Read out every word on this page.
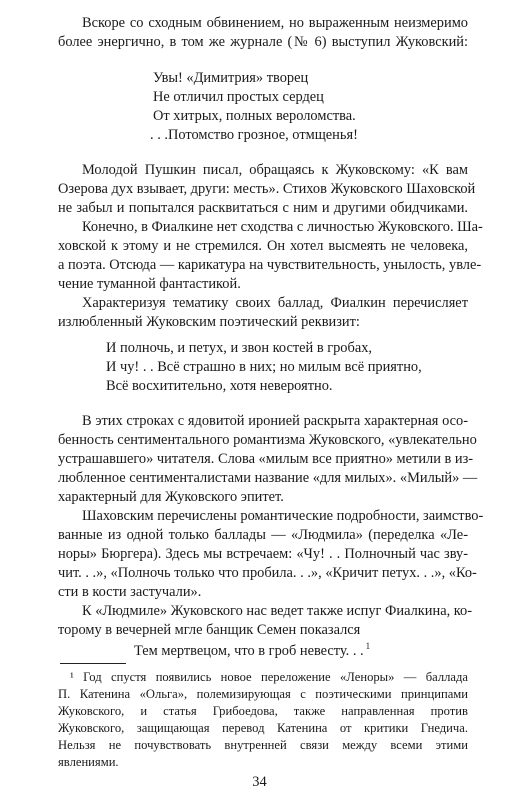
Вскоре со сходным обвинением, но выраженным неизмеримо
более энергично, в том же журнале (№ 6) выступил Жуковский:
Увы! «Димитрия» творец
Не отличил простых сердец
От хитрых, полных вероломства.
. . .Потомство грозное, отмщенья!
Молодой Пушкин писал, обращаясь к Жуковскому: «К вам
Озерова дух взывает, други: месть». Стихов Жуковского Шаховской
не забыл и попытался расквитаться с ним и другими обидчиками.
Конечно, в Фиалкине нет сходства с личностью Жуковского. Ша-
ховской к этому и не стремился. Он хотел высмеять не человека,
а поэта. Отсюда — карикатура на чувствительность, унылость, увле-
чение туманной фантастикой.
Характеризуя тематику своих баллад, Фиалкин перечисляет
излюбленный Жуковским поэтический реквизит:
И полночь, и петух, и звон костей в гробах,
И чу! . . Всё страшно в них; но милым всё приятно,
Всё восхитительно, хотя невероятно.
В этих строках с ядовитой иронией раскрыта характерная осо-
бенность сентиментального романтизма Жуковского, «увлекательно
устрашавшего» читателя. Слова «милым все приятно» метили в из-
любленное сентименталистами название «для милых». «Милый» —
характерный для Жуковского эпитет.
Шаховским перечислены романтические подробности, заимство-
ванные из одной только баллады — «Людмила» (переделка «Ле-
норы» Бюргера). Здесь мы встречаем: «Чу! . . Полночный час зву-
чит. . .», «Полночь только что пробила. . .», «Кричит петух. . .», «Ко-
сти в кости застучали».
К «Людмиле» Жуковского нас ведет также испуг Фиалкина, ко-
торому в вечерней мгле банщик Семен показался
Тем мертвецом, что в гроб невесту. . . $^1$
¹ Год спустя появились новое переложение «Леноры» — баллада
П. Катенина «Ольга», полемизирующая с поэтическими принципами
Жуковского, и статья Грибоедова, также направленная против
Жуковского, защищающая перевод Катенина от критики Гнедича.
Нельзя не почувствовать внутренней связи между всеми этими
явлениями.
34
